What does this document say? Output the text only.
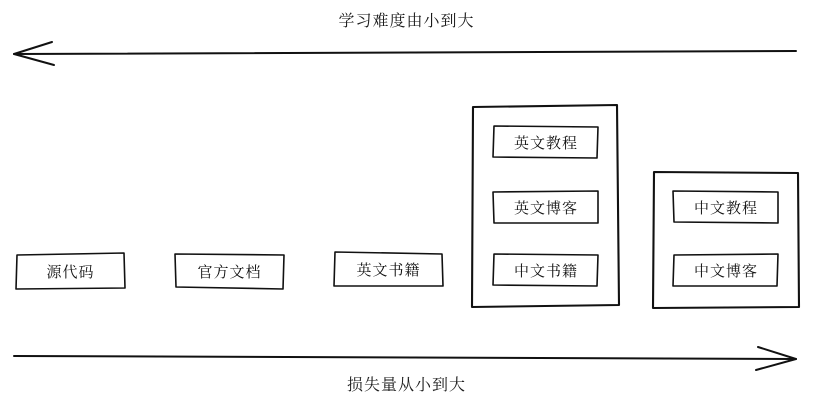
学习难度由小到大
源代码	官方文档	英文书籍
英文教程
英文博客
中文书籍
中文教程
中文博客
损失量从小到大
